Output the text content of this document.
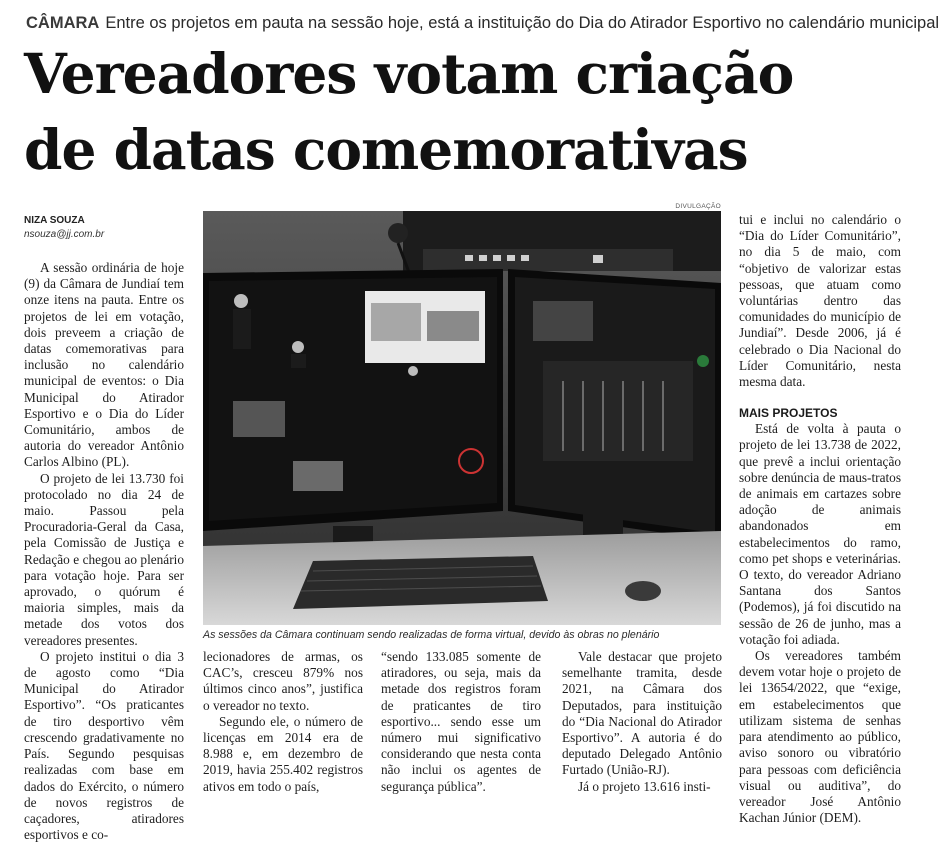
CÂMARA Entre os projetos em pauta na sessão hoje, está a instituição do Dia do Atirador Esportivo no calendário municipal
Vereadores votam criação
de datas comemorativas
NIZA SOUZA
nsouza@jj.com.br

A sessão ordinária de hoje (9) da Câmara de Jundiaí tem onze itens na pauta. Entre os projetos de lei em votação, dois preveem a criação de datas comemorativas para inclusão no calendário municipal de eventos: o Dia Municipal do Atirador Esportivo e o Dia do Líder Comunitário, ambos de autoria do vereador Antônio Carlos Albino (PL).

O projeto de lei 13.730 foi protocolado no dia 24 de maio. Passou pela Procuradoria-Geral da Casa, pela Comissão de Justiça e Redação e chegou ao plenário para votação hoje. Para ser aprovado, o quórum é maioria simples, mais da metade dos votos dos vereadores presentes.

O projeto institui o dia 3 de agosto como “Dia Municipal do Atirador Esportivo”. “Os praticantes de tiro desportivo vêm crescendo gradativamente no País. Segundo pesquisas realizadas com base em dados do Exército, o número de novos registros de caçadores, atiradores esportivos e co-

DIVULGAÇÃO
As sessões da Câmara continuam sendo realizadas de forma virtual, devido às obras no plenário

lecionadores de armas, os CAC’s, cresceu 879% nos últimos cinco anos”, justifica o vereador no texto.

Segundo ele, o número de licenças em 2014 era de 8.988 e, em dezembro de 2019, havia 255.402 registros ativos em todo o país,

“sendo 133.085 somente de atiradores, ou seja, mais da metade dos registros foram de praticantes de tiro esportivo... sendo esse um número mui significativo considerando que nesta conta não inclui os agentes de segurança pública”.

Vale destacar que projeto semelhante tramita, desde 2021, na Câmara dos Deputados, para instituição do “Dia Nacional do Atirador Esportivo”. A autoria é do deputado Delegado Antônio Furtado (União-RJ).

Já o projeto 13.616 insti-

tui e inclui no calendário o “Dia do Líder Comunitário”, no dia 5 de maio, com “objetivo de valorizar estas pessoas, que atuam como voluntárias dentro das comunidades do município de Jundiaí”. Desde 2006, já é celebrado o Dia Nacional do Líder Comunitário, nesta mesma data.

MAIS PROJETOS

Está de volta à pauta o projeto de lei 13.738 de 2022, que prevê a inclui orientação sobre denúncia de maus-tratos de animais em cartazes sobre adoção de animais abandonados em estabelecimentos do ramo, como pet shops e veterinárias. O texto, do vereador Adriano Santana dos Santos (Podemos), já foi discutido na sessão de 26 de junho, mas a votação foi adiada.

Os vereadores também devem votar hoje o projeto de lei 13654/2022, que “exige, em estabelecimentos que utilizam sistema de senhas para atendimento ao público, aviso sonoro ou vibratório para pessoas com deficiência visual ou auditiva”, do vereador José Antônio Kachan Júnior (DEM).
